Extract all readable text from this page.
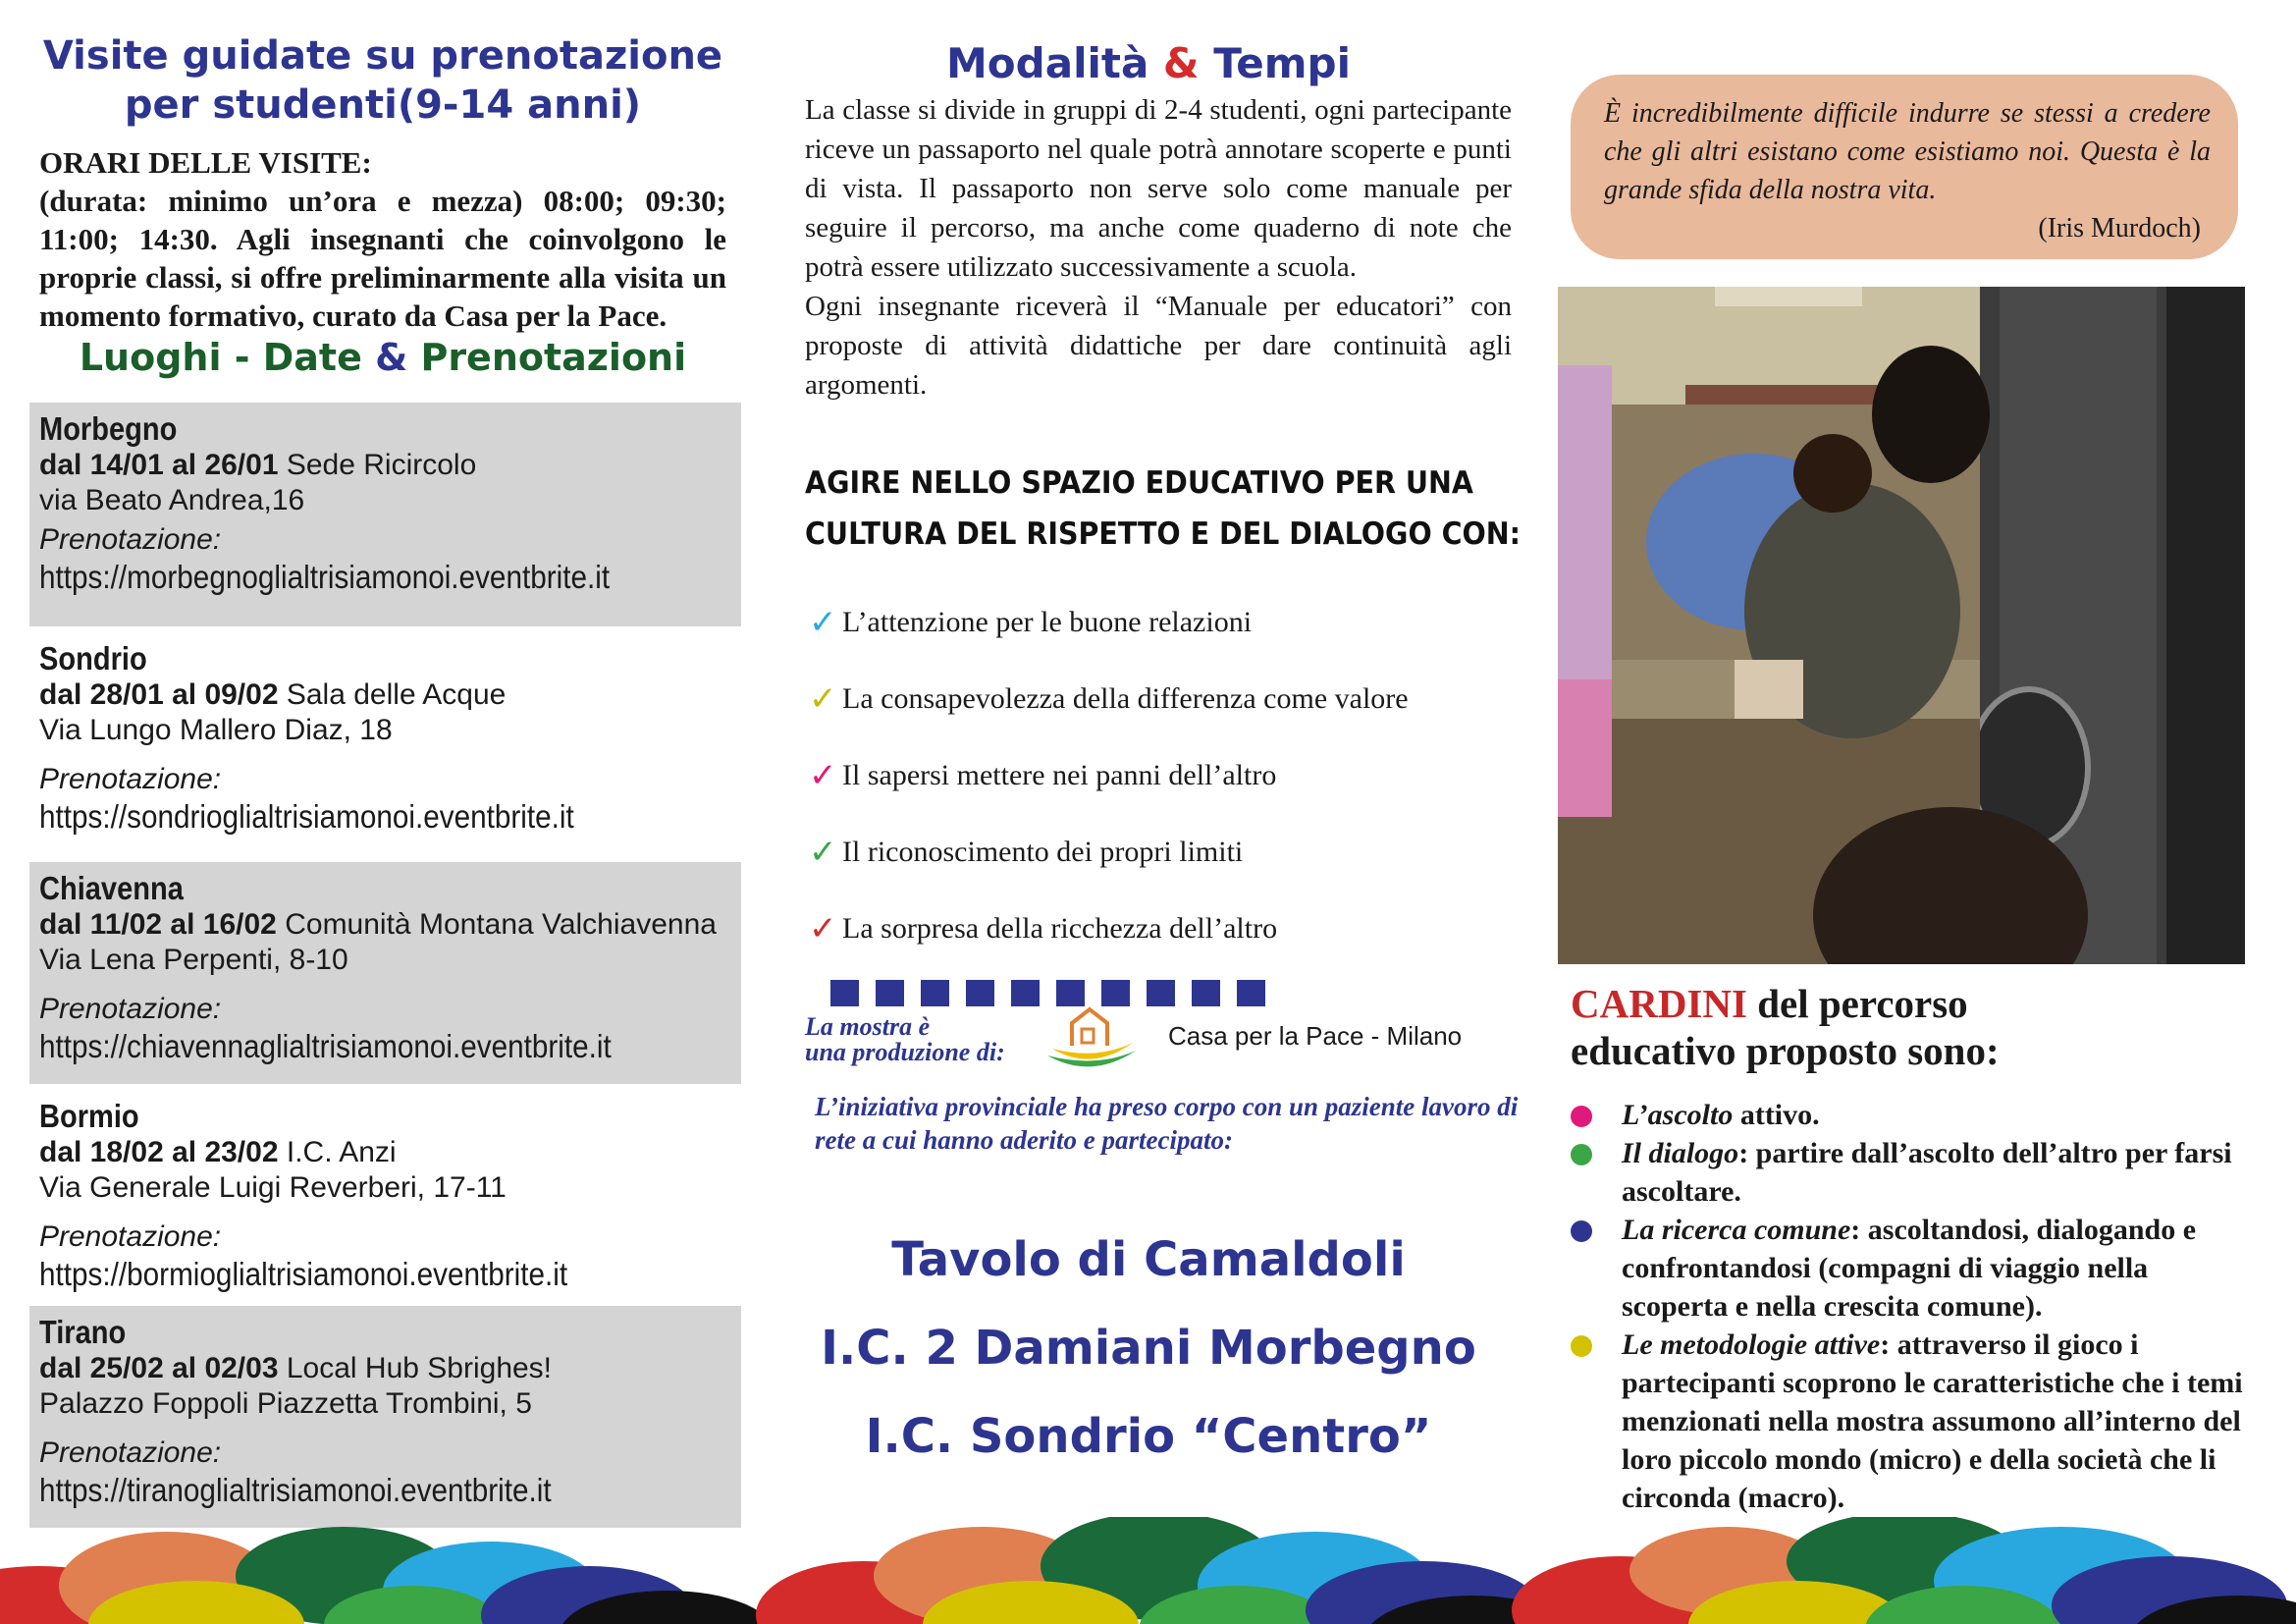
Visite guidate su prenotazione
per studenti(9-14 anni)
ORARI DELLE VISITE:
(durata: minimo un’ora e mezza) 08:00; 09:30; 11:00; 14:30. Agli insegnanti che coinvolgono le proprie classi, si offre preliminarmente alla visita un momento formativo, curato da Casa per la Pace.
Luoghi - Date & Prenotazioni
Morbegno
dal 14/01 al 26/01 Sede Ricircolo
via Beato Andrea,16
Prenotazione:
https://morbegnoglialtrisiamonoi.eventbrite.it
Sondrio
dal 28/01 al 09/02 Sala delle Acque
Via Lungo Mallero Diaz, 18
Prenotazione:
https://sondrioglialtrisiamonoi.eventbrite.it
Chiavenna
dal 11/02 al 16/02 Comunità Montana Valchiavenna
Via Lena Perpenti, 8-10
Prenotazione:
https://chiavennaglialtrisiamonoi.eventbrite.it
Bormio
dal 18/02 al 23/02 I.C. Anzi
Via Generale Luigi Reverberi, 17-11
Prenotazione:
https://bormioglialtrisiamonoi.eventbrite.it
Tirano
dal 25/02 al 02/03 Local Hub Sbrighes!
Palazzo Foppoli Piazzetta Trombini, 5
Prenotazione:
https://tiranoglialtrisiamonoi.eventbrite.it
Modalità & Tempi

La classe si divide in gruppi di 2-4 studenti, ogni partecipante riceve un passaporto nel quale potrà annotare scoperte e punti di vista. Il passaporto non serve solo come manuale per seguire il percorso, ma anche come quaderno di note che potrà essere utilizzato successivamente a scuola.

Ogni insegnante riceverà il “Manuale per educatori” con proposte di attività didattiche per dare continuità agli argomenti.

AGIRE NELLO SPAZIO EDUCATIVO PER UNA
CULTURA DEL RISPETTO E DEL DIALOGO CON:
✓ L’attenzione per le buone relazioni
✓ La consapevolezza della differenza come valore
✓ Il sapersi mettere nei panni dell’altro
✓ Il riconoscimento dei propri limiti
✓ La sorpresa della ricchezza dell’altro
La mostra è
una produzione di:
Casa per la Pace - Milano
L’iniziativa provinciale ha preso corpo con un paziente lavoro di rete a cui hanno aderito e partecipato:
Tavolo di Camaldoli
I.C. 2 Damiani Morbegno
I.C. Sondrio “Centro”
È incredibilmente difficile indurre se stessi a credere che gli altri esistano come esistiamo noi. Questa è la grande sfida della nostra vita.
(Iris Murdoch)
CARDINI del percorso
educativo proposto sono:
L’ascolto attivo.
Il dialogo: partire dall’ascolto dell’altro per farsi ascoltare.
La ricerca comune: ascoltandosi, dialogando e confrontandosi (compagni di viaggio nella scoperta e nella crescita comune).
Le metodologie attive: attraverso il gioco i partecipanti scoprono le caratteristiche che i temi menzionati nella mostra assumono all’interno del loro piccolo mondo (micro) e della società che li circonda (macro).
